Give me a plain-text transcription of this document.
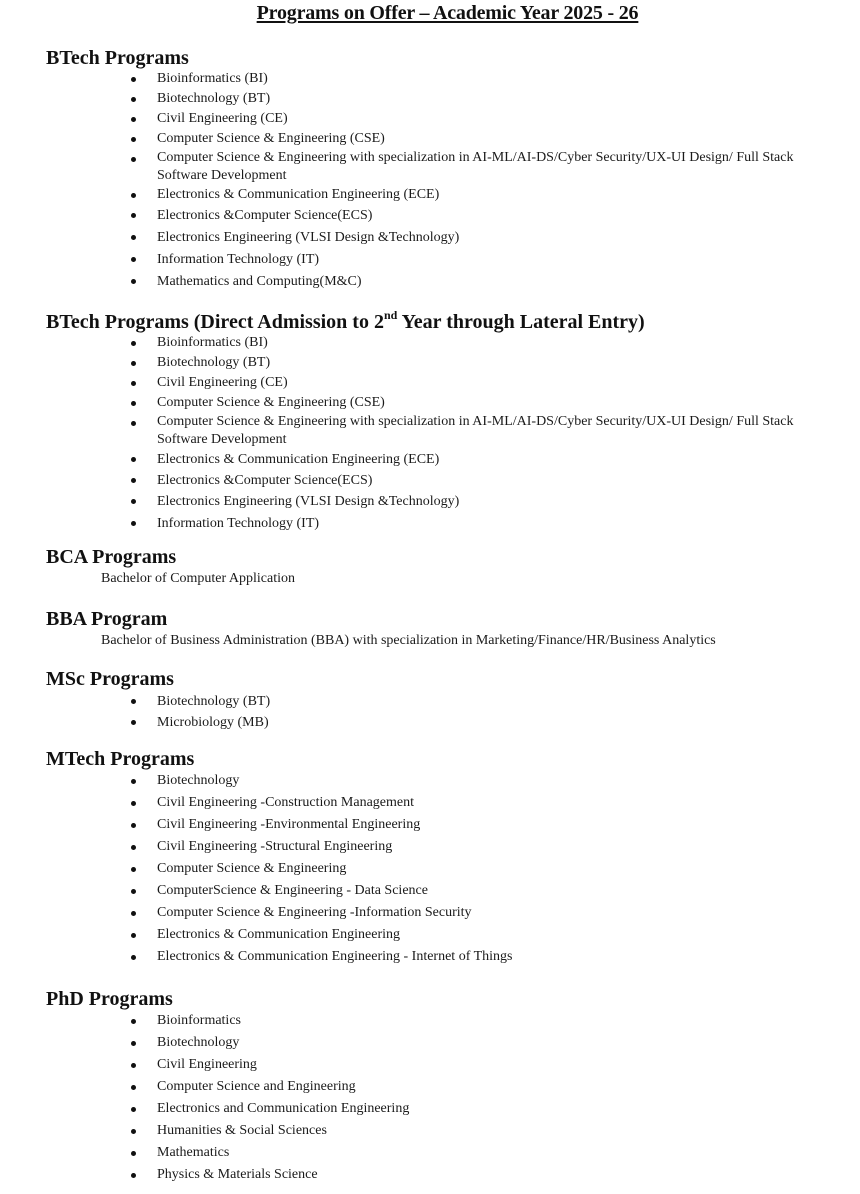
Programs on Offer – Academic Year 2025 - 26
BTech Programs
Bioinformatics (BI)
Biotechnology (BT)
Civil Engineering (CE)
Computer Science & Engineering (CSE)
Computer Science & Engineering with specialization in AI-ML/AI-DS/Cyber Security/UX-UI Design/ Full Stack Software Development
Electronics & Communication Engineering (ECE)
Electronics &Computer Science(ECS)
Electronics Engineering (VLSI Design &Technology)
Information Technology (IT)
Mathematics and Computing(M&C)
BTech Programs (Direct Admission to 2nd Year through Lateral Entry)
Bioinformatics (BI)
Biotechnology (BT)
Civil Engineering (CE)
Computer Science & Engineering (CSE)
Computer Science & Engineering with specialization in AI-ML/AI-DS/Cyber Security/UX-UI Design/ Full Stack Software Development
Electronics & Communication Engineering (ECE)
Electronics &Computer Science(ECS)
Electronics Engineering (VLSI Design &Technology)
Information Technology (IT)
BCA Programs
Bachelor of Computer Application
BBA Program
Bachelor of Business Administration (BBA) with specialization in Marketing/Finance/HR/Business Analytics
MSc Programs
Biotechnology (BT)
Microbiology (MB)
MTech Programs
Biotechnology
Civil Engineering -Construction Management
Civil Engineering -Environmental Engineering
Civil Engineering -Structural Engineering
Computer Science & Engineering
ComputerScience & Engineering - Data Science
Computer Science & Engineering -Information Security
Electronics & Communication Engineering
Electronics & Communication Engineering - Internet of Things
PhD Programs
Bioinformatics
Biotechnology
Civil Engineering
Computer Science and Engineering
Electronics and Communication Engineering
Humanities & Social Sciences
Mathematics
Physics & Materials Science
